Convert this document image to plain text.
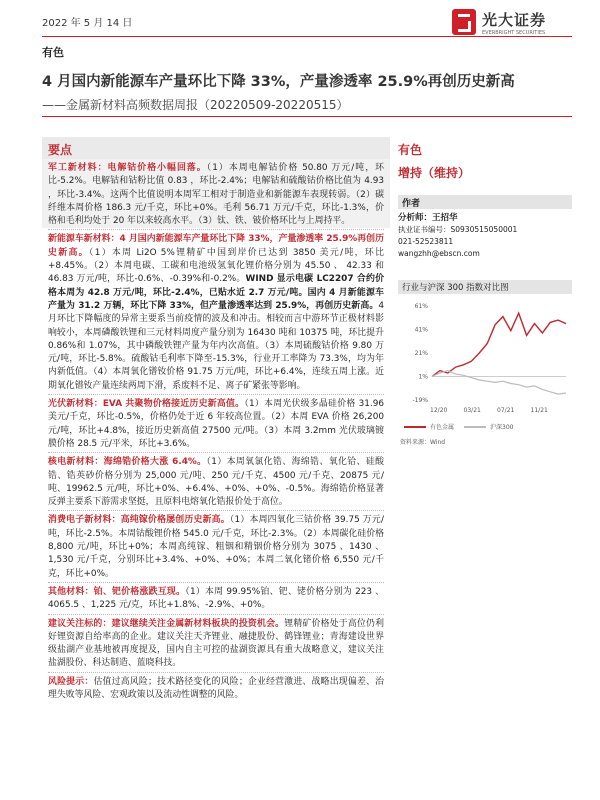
2022 年 5 月 14 日	光大证券
EVERBRIGHT SECURITIES
有色
4 月国内新能源车产量环比下降 33%，产量渗透率 25.9%再创历史新高
——金属新材料高频数据周报（20220509-20220515）
要点
军工新材料：电解钴价格小幅回落。（1）本周电解钴价格 50.80 万元/吨，环比-5.2%。电解钴和钴粉比值 0.83 ，环比-2.4%；电解钴和硫酸钴价格比值为 4.93 ，环比-3.4%。这两个比值说明本周军工相对于制造业和新能源车表现转弱。（2）碳纤维本周价格 186.3 元/千克，环比+0%。毛利 56.71 万元/千克，环比-1.3%，价格和毛利均处于 20 年以来较高水平。（3）钛、铁、铍价格环比与上周持平。
新能源车新材料：4 月国内新能源车产量环比下降 33%，产量渗透率 25.9%再创历史新高。（1）本周 Li2O 5%锂精矿中国到岸价已达到 3850 美元/吨，环比+8.45%。（2）本周电碳、工碳和电池级氢氧化锂价格分别为 45.50 、 42.33 和 46.83 万元/吨，环比-0.6%、-0.39%和-0.2%。WIND 显示电碳 LC2207 合约价格本周为 42.8 万元/吨，环比-2.4%，已贴水近 2.7 万元/吨。国内 4 月新能源车产量为 31.2 万辆，环比下降 33%，但产量渗透率达到 25.9%，再创历史新高。4 月环比下降幅度的异常主要系当前疫情的波及和冲击。相较而言中游环节正极材料影响较小，本周磷酸铁锂和三元材料周度产量分别为 16430 吨和 10375 吨，环比提升 0.86%和 1.07%，其中磷酸铁锂产量为年内次高值。（3）本周硫酸钴价格 9.80 万元/吨，环比-5.8%。硫酸钴毛利率下降至-15.3%，行业开工率降为 73.3%，均为年内新低值。（4）本周氧化镨钕价格 91.75 万元/吨，环比+6.4%，连续五周上涨。近期氧化镨钕产量连续两周下滑，系废料不足、离子矿紧张等影响。
光伏新材料：EVA 共聚物价格接近历史新高值。（1）本周光伏级多晶硅价格 31.96 美元/千克，环比-0.5%，价格仍处于近 6 年较高位置。（2）本周 EVA 价格 26,200 元/吨，环比+4.8%，接近历史新高值 27500 元/吨。（3）本周 3.2mm 光伏玻璃镀膜价格 28.5 元/平米，环比+3.6%。
核电新材料：海绵锆价格大涨 6.4%。（1）本周氧氯化锆、海绵锆、氧化铪、硅酸锆、锆英砂价格分别为 25,000 元/吨、250 元/千克、4500 元/千克、20875 元/吨、19962.5 元/吨，环比+0%、+6.4%、+0%、+0%、-0.5%。海绵锆价格显著反弹主要系下游需求坚挺，且原料电熔氧化锆报价处于高位。
消费电子新材料：高纯镓价格屡创历史新高。（1）本周四氧化三钴价格 39.75 万元/吨，环比-2.5%。本周钴酸锂价格 545.0 元/千克，环比-2.3%。（2）本周碳化硅价格 8,800 元/吨，环比+0%；本周高纯镓、粗铟和精铟价格分别为 3075 、1430 、1,530 元/千克，分别环比+3.4%、+0%、+0%；本周二氧化锗价格 6,550 元/千克，环比+0%。
其他材料：铂、钯价格涨跌互现。（1）本周 99.95%铂、钯、铑价格分别为 223 、4065.5 、1,225 元/克，环比+1.8%、-2.9%、+0%。
建议关注标的：建议继续关注金属新材料板块的投资机会。锂精矿价格处于高位仍利好锂资源自给率高的企业。建议关注天齐锂业、融捷股份、鹤锋锂业；青海建设世界级盐湖产业基地被再度提及，国内自主可控的盐湖资源具有重大战略意义，建议关注盐湖股份、科达制造、蓝晓科技。
风险提示：估值过高风险；技术路径变化的风险；企业经营激进、战略出现偏差、治理失败等风险、宏观政策以及流动性调整的风险。
有色
增持（维持）
作者
分析师：王招华
执业证书编号：S0930515050001
021-52523811
wangzhh@ebscn.com
行业与沪深 300 指数对比图
61%
41%
21%
1%
-19%
12/20	03/21	07/21	11/21
有色金属	沪深300
资料来源：Wind
